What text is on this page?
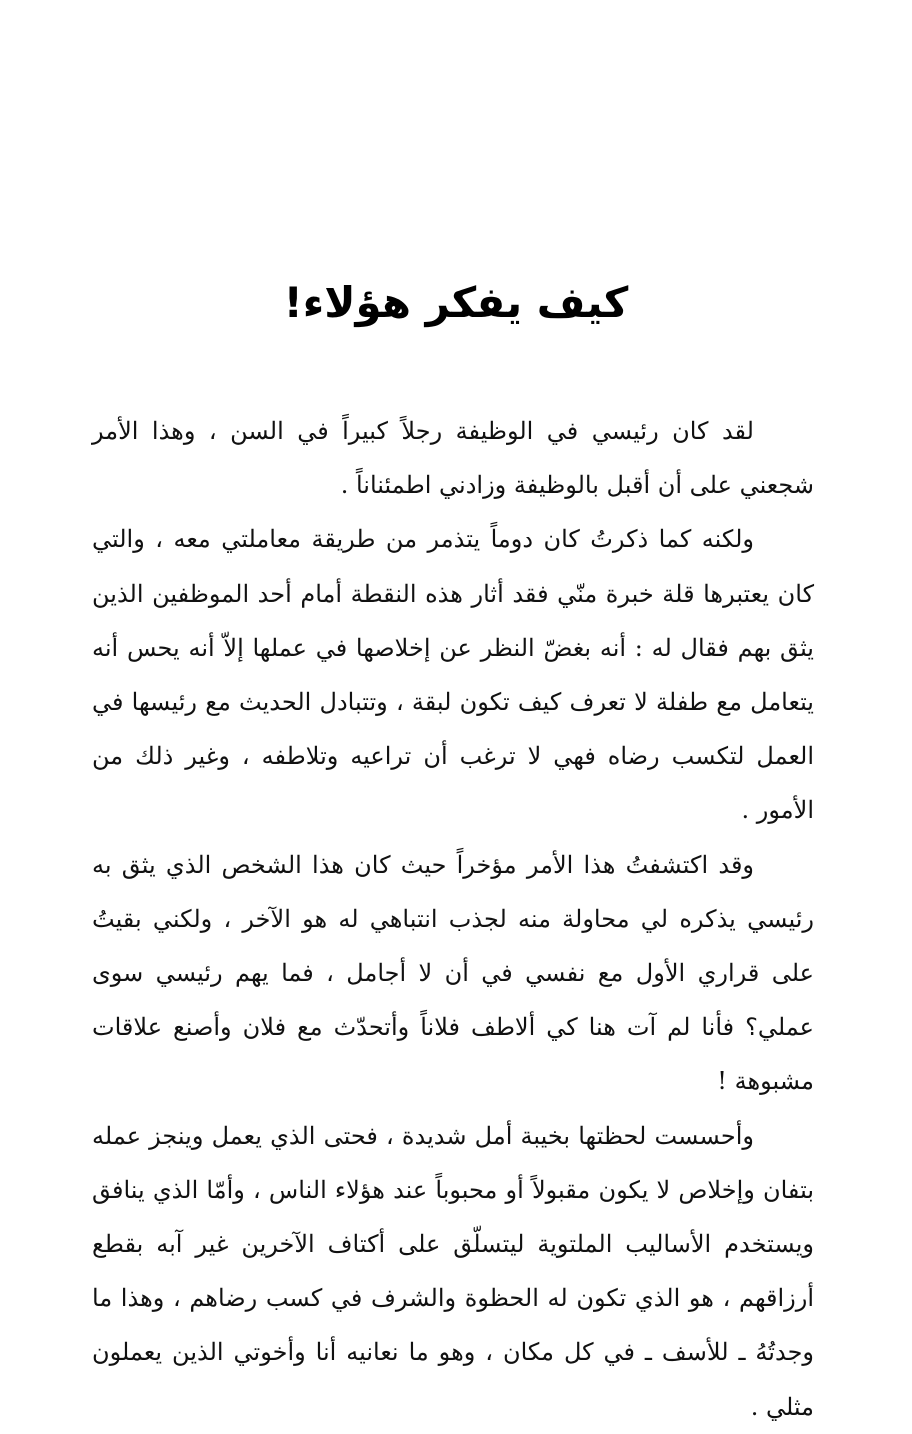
كيف يفكر هؤلاء!

لقد كان رئيسي في الوظيفة رجلاً كبيراً في السن ، وهذا الأمر شجعني على أن أقبل بالوظيفة وزادني اطمئناناً .

ولكنه كما ذكرتُ كان دوماً يتذمر من طريقة معاملتي معه ، والتي كان يعتبرها قلة خبرة منّي فقد أثار هذه النقطة أمام أحد الموظفين الذين يثق بهم فقال له : أنه بغضّ النظر عن إخلاصها في عملها إلاّ أنه يحس أنه يتعامل مع طفلة لا تعرف كيف تكون لبقة ، وتتبادل الحديث مع رئيسها في العمل لتكسب رضاه فهي لا ترغب أن تراعيه وتلاطفه ، وغير ذلك من الأمور .

وقد اكتشفتُ هذا الأمر مؤخراً حيث كان هذا الشخص الذي يثق به رئيسي يذكره لي محاولة منه لجذب انتباهي له هو الآخر ، ولكني بقيتُ على قراري الأول مع نفسي في أن لا أجامل ، فما يهم رئيسي سوى عملي؟ فأنا لم آت هنا كي ألاطف فلاناً وأتحدّث مع فلان وأصنع علاقات مشبوهة !

وأحسست لحظتها بخيبة أمل شديدة ، فحتى الذي يعمل وينجز عمله بتفان وإخلاص لا يكون مقبولاً أو محبوباً عند هؤلاء الناس ، وأمّا الذي ينافق ويستخدم الأساليب الملتوية ليتسلّق على أكتاف الآخرين غير آبه بقطع أرزاقهم ، هو الذي تكون له الحظوة والشرف في كسب رضاهم ، وهذا ما وجدتُهُ ـ للأسف ـ في كل مكان ، وهو ما نعانيه أنا وأخوتي الذين يعملون مثلي .
